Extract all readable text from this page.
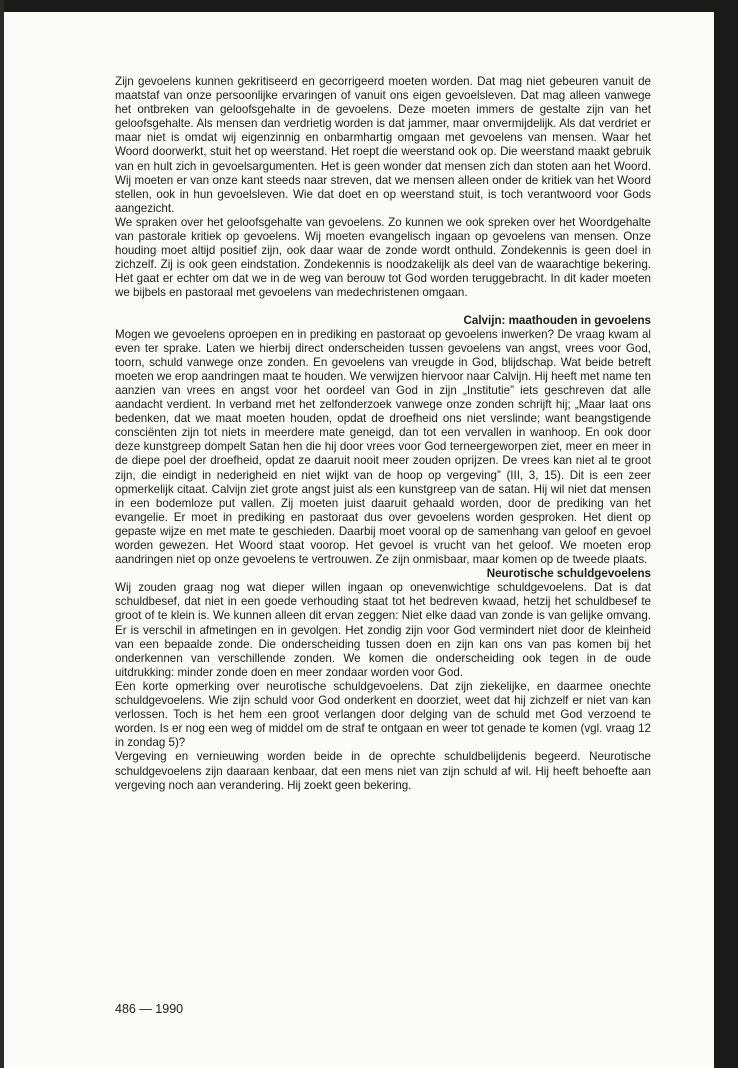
Zijn gevoelens kunnen gekritiseerd en gecorrigeerd moeten worden. Dat mag niet gebeuren vanuit de maatstaf van onze persoonlijke ervaringen of vanuit ons eigen gevoelsleven. Dat mag alleen vanwege het ontbreken van geloofsgehalte in de gevoelens. Deze moeten immers de gestalte zijn van het geloofsgehalte. Als mensen dan verdrietig worden is dat jammer, maar onvermijdelijk. Als dat verdriet er maar niet is omdat wij eigenzinnig en onbarmhartig omgaan met gevoelens van mensen. Waar het Woord doorwerkt, stuit het op weerstand. Het roept die weerstand ook op. Die weerstand maakt gebruik van en hult zich in gevoelsargumenten. Het is geen wonder dat mensen zich dan stoten aan het Woord. Wij moeten er van onze kant steeds naar streven, dat we mensen alleen onder de kritiek van het Woord stellen, ook in hun gevoelsleven. Wie dat doet en op weerstand stuit, is toch verantwoord voor Gods aangezicht.

We spraken over het geloofsgehalte van gevoelens. Zo kunnen we ook spreken over het Woordgehalte van pastorale kritiek op gevoelens. Wij moeten evangelisch ingaan op gevoelens van mensen. Onze houding moet altijd positief zijn, ook daar waar de zonde wordt onthuld. Zondekennis is geen doel in zichzelf. Zij is ook geen eindstation. Zondekennis is noodzakelijk als deel van de waarachtige bekering. Het gaat er echter om dat we in de weg van berouw tot God worden teruggebracht. In dit kader moeten we bijbels en pastoraal met gevoelens van medechristenen omgaan.

Calvijn: maathouden in gevoelens

Mogen we gevoelens oproepen en in prediking en pastoraat op gevoelens inwerken? De vraag kwam al even ter sprake. Laten we hierbij direct onderscheiden tussen gevoelens van angst, vrees voor God, toorn, schuld vanwege onze zonden. En gevoelens van vreugde in God, blijdschap. Wat beide betreft moeten we erop aandringen maat te houden. We verwijzen hiervoor naar Calvijn. Hij heeft met name ten aanzien van vrees en angst voor het oordeel van God in zijn „Institutie” iets geschreven dat alle aandacht verdient. In verband met het zelfonderzoek vanwege onze zonden schrijft hij; „Maar laat ons bedenken, dat we maat moeten houden, opdat de droefheid ons niet verslinde; want beangstigende consciënten zijn tot niets in meerdere mate geneigd, dan tot een vervallen in wanhoop. En ook door deze kunstgreep dompelt Satan hen die hij door vrees voor God terneergeworpen ziet, meer en meer in de diepe poel der droefheid, opdat ze daaruit nooit meer zouden oprijzen. De vrees kan niet al te groot zijn, die eindigt in nederigheid en niet wijkt van de hoop op vergeving” (III, 3, 15). Dit is een zeer opmerkelijk citaat. Calvijn ziet grote angst juist als een kunstgreep van de satan. Hij wil niet dat mensen in een bodemloze put vallen. Zij moeten juist daaruit gehaald worden, door de prediking van het evangelie. Er moet in prediking en pastoraat dus over gevoelens worden gesproken. Het dient op gepaste wijze en met mate te geschieden. Daarbij moet vooral op de samenhang van geloof en gevoel worden gewezen. Het Woord staat voorop. Het gevoel is vrucht van het geloof. We moeten erop aandringen niet op onze gevoelens te vertrouwen. Ze zijn onmisbaar, maar komen op de tweede plaats.

Neurotische schuldgevoelens

Wij zouden graag nog wat dieper willen ingaan op onevenwichtige schuldgevoelens. Dat is dat schuldbesef, dat niet in een goede verhouding staat tot het bedreven kwaad, hetzij het schuldbesef te groot of te klein is. We kunnen alleen dit ervan zeggen: Niet elke daad van zonde is van gelijke omvang. Er is verschil in afmetingen en in gevolgen. Het zondig zijn voor God vermindert niet door de kleinheid van een bepaalde zonde. Die onderscheiding tussen doen en zijn kan ons van pas komen bij het onderkennen van verschillende zonden. We komen die onderscheiding ook tegen in de oude uitdrukking: minder zonde doen en meer zondaar worden voor God.

Een korte opmerking over neurotische schuldgevoelens. Dat zijn ziekelijke, en daarmee onechte schuldgevoelens. Wie zijn schuld voor God onderkent en doorziet, weet dat hij zichzelf er niet van kan verlossen. Toch is het hem een groot verlangen door delging van de schuld met God verzoend te worden. Is er nog een weg of middel om de straf te ontgaan en weer tot genade te komen (vgl. vraag 12 in zondag 5)?

Vergeving en vernieuwing worden beide in de oprechte schuldbelijdenis begeerd. Neurotische schuldgevoelens zijn daaraan kenbaar, dat een mens niet van zijn schuld af wil. Hij heeft behoefte aan vergeving noch aan verandering. Hij zoekt geen bekering.

486 — 1990
